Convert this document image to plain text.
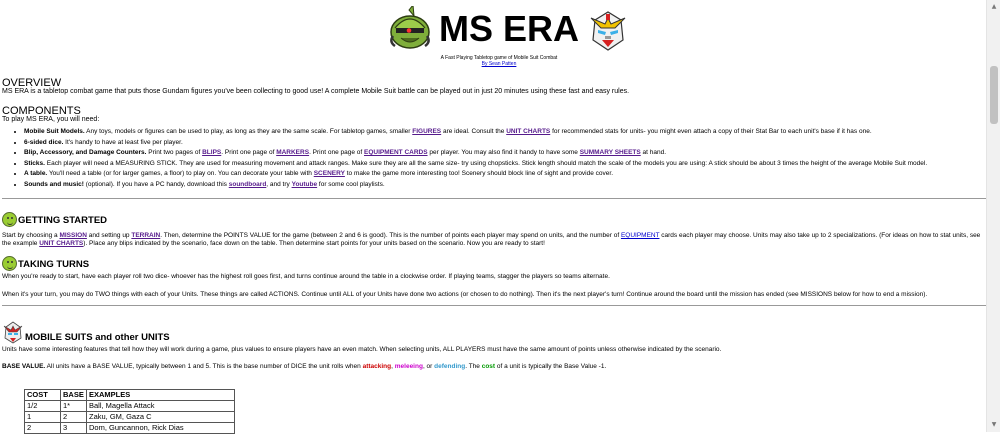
MS ERA
A Fast Playing Tabletop game of Mobile Suit Combat
By Sean Patten
OVERVIEW
MS ERA is a tabletop combat game that puts those Gundam figures you've been collecting to good use! A complete Mobile Suit battle can be played out in just 20 minutes using these fast and easy rules.
COMPONENTS
To play MS ERA, you will need:
• Mobile Suit Models. Any toys, models or figures can be used to play, as long as they are the same scale. For tabletop games, smaller FIGURES are ideal. Consult the UNIT CHARTS for recommended stats for units- you might even attach a copy of their Stat Bar to each unit's base if it has one.
• 6-sided dice. It's handy to have at least five per player.
• Blip, Accessory, and Damage Counters. Print two pages of BLIPS. Print one page of MARKERS. Print one page of EQUIPMENT CARDS per player. You may also find it handy to have some SUMMARY SHEETS at hand.
• Sticks. Each player will need a MEASURING STICK. They are used for measuring movement and attack ranges. Make sure they are all the same size- try using chopsticks. Stick length should match the scale of the models you are using: A stick should be about 3 times the height of the average Mobile Suit model.
• A table. You'll need a table (or for larger games, a floor) to play on. You can decorate your table with SCENERY to make the game more interesting too! Scenery should block line of sight and provide cover.
• Sounds and music! (optional). If you have a PC handy, download this soundboard, and try Youtube for some cool playlists.
GETTING STARTED
Start by choosing a MISSION and setting up TERRAIN. Then, determine the POINTS VALUE for the game (between 2 and 6 is good). This is the number of points each player may spend on units, and the number of EQUIPMENT cards each player may choose. Units may also take up to 2 specializations. (For ideas on how to stat units, see the example UNIT CHARTS). Place any blips indicated by the scenario, face down on the table. Then determine start points for your units based on the scenario. Now you are ready to start!
TAKING TURNS
When you're ready to start, have each player roll two dice- whoever has the highest roll goes first, and turns continue around the table in a clockwise order. If playing teams, stagger the players so teams alternate.
When it's your turn, you may do TWO things with each of your Units. These things are called ACTIONS. Continue until ALL of your Units have done two actions (or chosen to do nothing). Then it's the next player's turn! Continue around the board until the mission has ended (see MISSIONS below for how to end a mission).
MOBILE SUITS and other UNITS
Units have some interesting features that tell how they will work during a game, plus values to ensure players have an even match. When selecting units, ALL PLAYERS must have the same amount of points unless otherwise indicated by the scenario.
BASE VALUE. All units have a BASE VALUE, typically between 1 and 5. This is the base number of DICE the unit rolls when attacking, meleeing, or defending. The cost of a unit is typically the Base Value -1.
COST	BASE	EXAMPLES
1/2	1*	Ball, Magella Attack
1	2	Zaku, GM, Gaza C
2	3	Dom, Guncannon, Rick Dias
▲
▼
